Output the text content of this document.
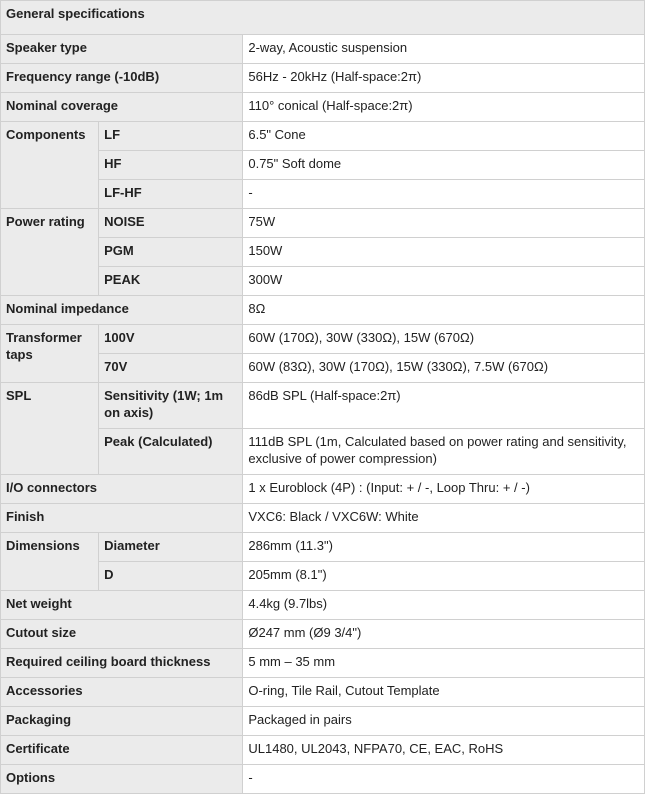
General specifications		
Speaker type		2-way, Acoustic suspension
Frequency range (-10dB)		56Hz - 20kHz (Half-space:2π)
Nominal coverage		110° conical (Half-space:2π)
Components	LF	6.5" Cone
	HF	0.75" Soft dome
	LF-HF	-
Power rating	NOISE	75W
	PGM	150W
	PEAK	300W
Nominal impedance		8Ω
Transformer taps	100V	60W (170Ω), 30W (330Ω), 15W (670Ω)
	70V	60W (83Ω), 30W (170Ω), 15W (330Ω), 7.5W (670Ω)
SPL	Sensitivity (1W; 1m on axis)	86dB SPL (Half-space:2π)
	Peak (Calculated)	111dB SPL (1m, Calculated based on power rating and sensitivity, exclusive of power compression)
I/O connectors		1 x Euroblock (4P) : (Input: + / -, Loop Thru: + / -)
Finish		VXC6: Black / VXC6W: White
Dimensions	Diameter	286mm (11.3")
	D	205mm (8.1")
Net weight		4.4kg (9.7lbs)
Cutout size		Ø247 mm (Ø9 3/4")
Required ceiling board thickness		5 mm – 35 mm
Accessories		O-ring, Tile Rail, Cutout Template
Packaging		Packaged in pairs
Certificate		UL1480, UL2043, NFPA70, CE, EAC, RoHS
Options		-
